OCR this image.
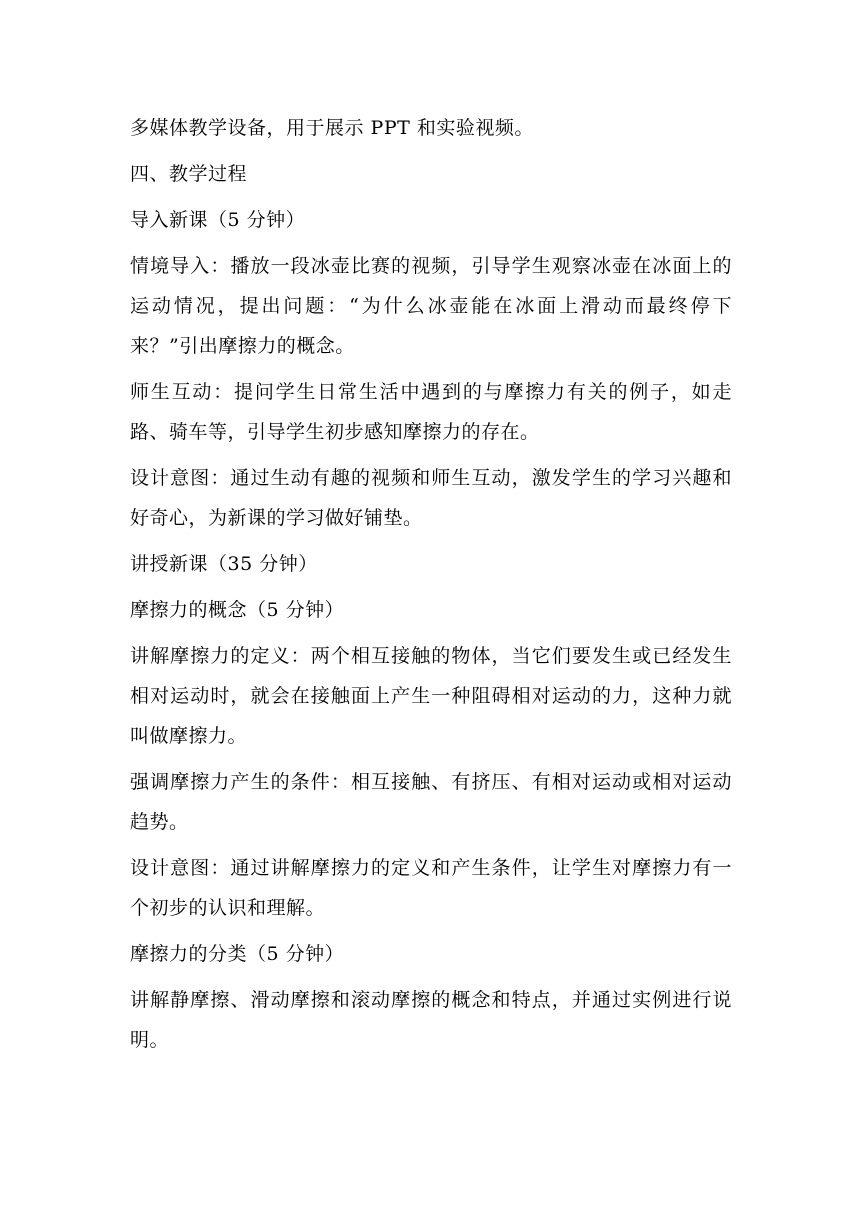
多媒体教学设备，用于展示 PPT 和实验视频。

四、教学过程

导入新课（5 分钟）

情境导入：播放一段冰壶比赛的视频，引导学生观察冰壶在冰面上的运动情况，提出问题：“为什么冰壶能在冰面上滑动而最终停下来？”引出摩擦力的概念。

师生互动：提问学生日常生活中遇到的与摩擦力有关的例子，如走路、骑车等，引导学生初步感知摩擦力的存在。

设计意图：通过生动有趣的视频和师生互动，激发学生的学习兴趣和好奇心，为新课的学习做好铺垫。

讲授新课（35 分钟）

摩擦力的概念（5 分钟）

讲解摩擦力的定义：两个相互接触的物体，当它们要发生或已经发生相对运动时，就会在接触面上产生一种阻碍相对运动的力，这种力就叫做摩擦力。

强调摩擦力产生的条件：相互接触、有挤压、有相对运动或相对运动趋势。

设计意图：通过讲解摩擦力的定义和产生条件，让学生对摩擦力有一个初步的认识和理解。

摩擦力的分类（5 分钟）

讲解静摩擦、滑动摩擦和滚动摩擦的概念和特点，并通过实例进行说明。
